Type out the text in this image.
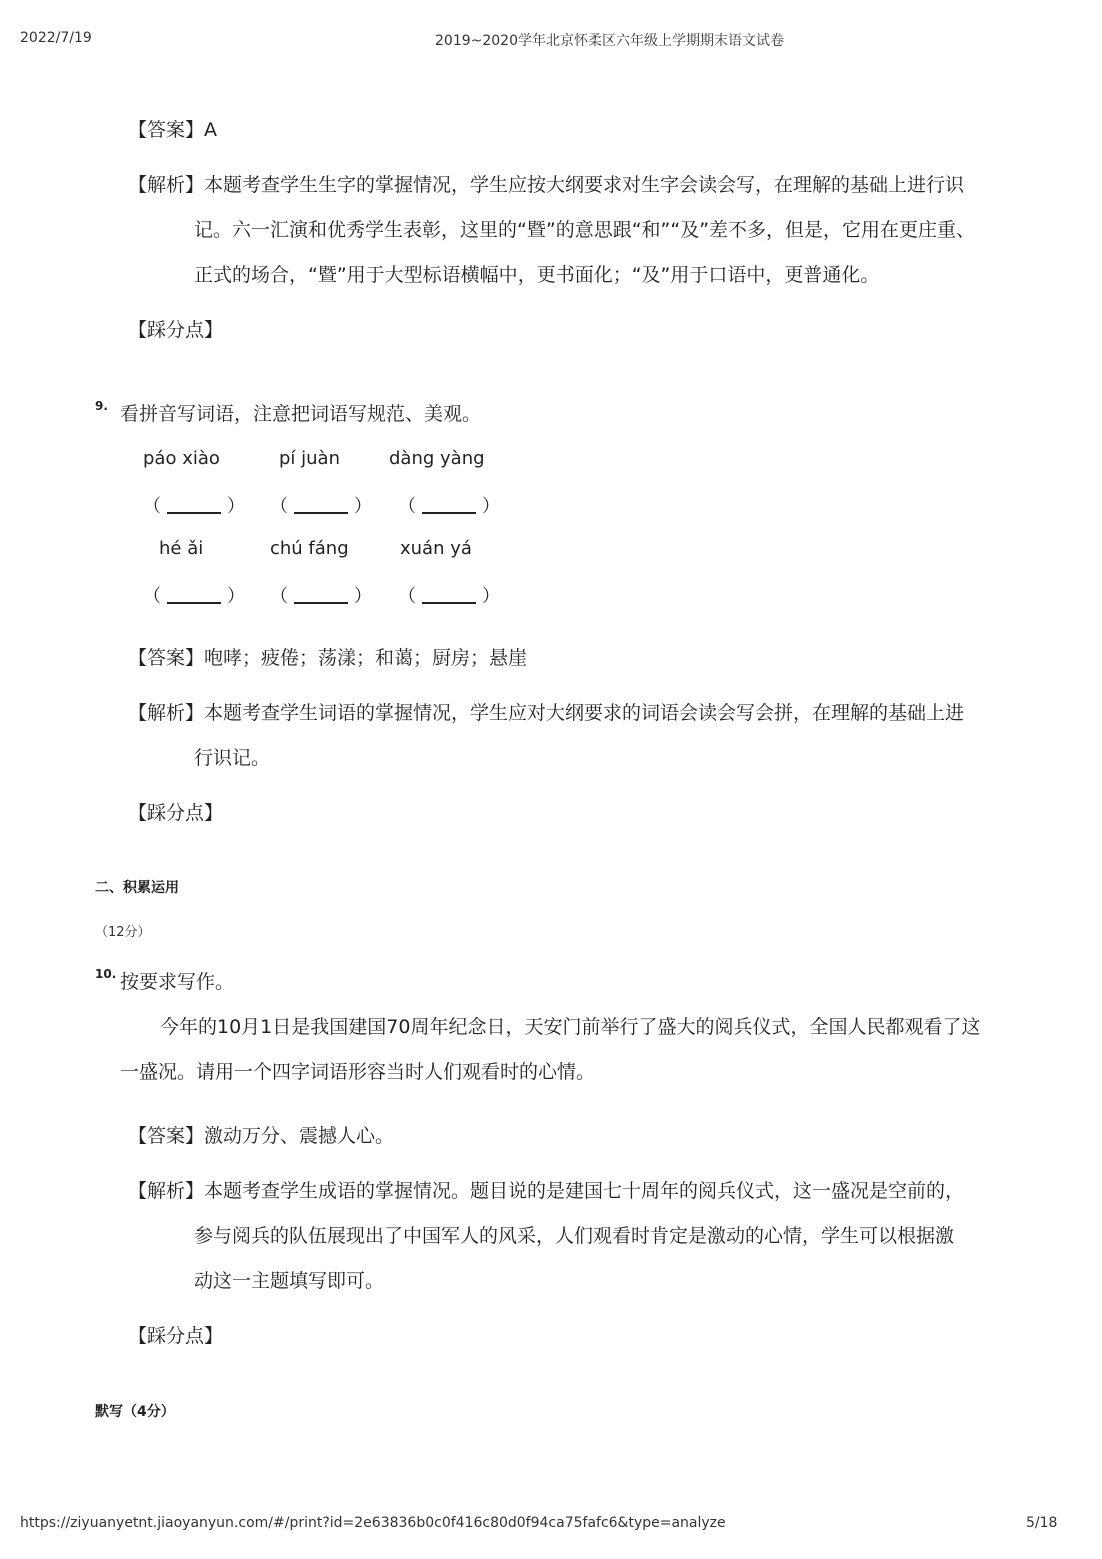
2022/7/19	2019~2020学年北京怀柔区六年级上学期期末语文试卷
【答案】A
【解析】本题考查学生生字的掌握情况，学生应按大纲要求对生字会读会写，在理解的基础上进行识
记。六一汇演和优秀学生表彰，这里的“暨”的意思跟“和”“及”差不多，但是，它用在更庄重、
正式的场合，“暨”用于大型标语横幅中，更书面化；“及”用于口语中，更普通化。
【踩分点】
9. 看拼音写词语，注意把词语写规范、美观。
páo xiào	pí juàn	dàng yàng
（	） （	） （	）
hé ǎi	chú fáng	xuán yá
（	） （	） （	）
【答案】咆哮；疲倦；荡漾；和蔼；厨房；悬崖
【解析】本题考查学生词语的掌握情况，学生应对大纲要求的词语会读会写会拼，在理解的基础上进
行识记。
【踩分点】
二、积累运用
（12分）
10. 按要求写作。
今年的10月1日是我国建国70周年纪念日，天安门前举行了盛大的阅兵仪式，全国人民都观看了这
一盛况。请用一个四字词语形容当时人们观看时的心情。
【答案】激动万分、震撼人心。
【解析】本题考查学生成语的掌握情况。题目说的是建国七十周年的阅兵仪式，这一盛况是空前的，
参与阅兵的队伍展现出了中国军人的风采，人们观看时肯定是激动的心情，学生可以根据激
动这一主题填写即可。
【踩分点】
默写（4分）
https://ziyuanyetnt.jiaoyanyun.com/#/print?id=2e63836b0c0f416c80d0f94ca75fafc6&type=analyze	5/18
